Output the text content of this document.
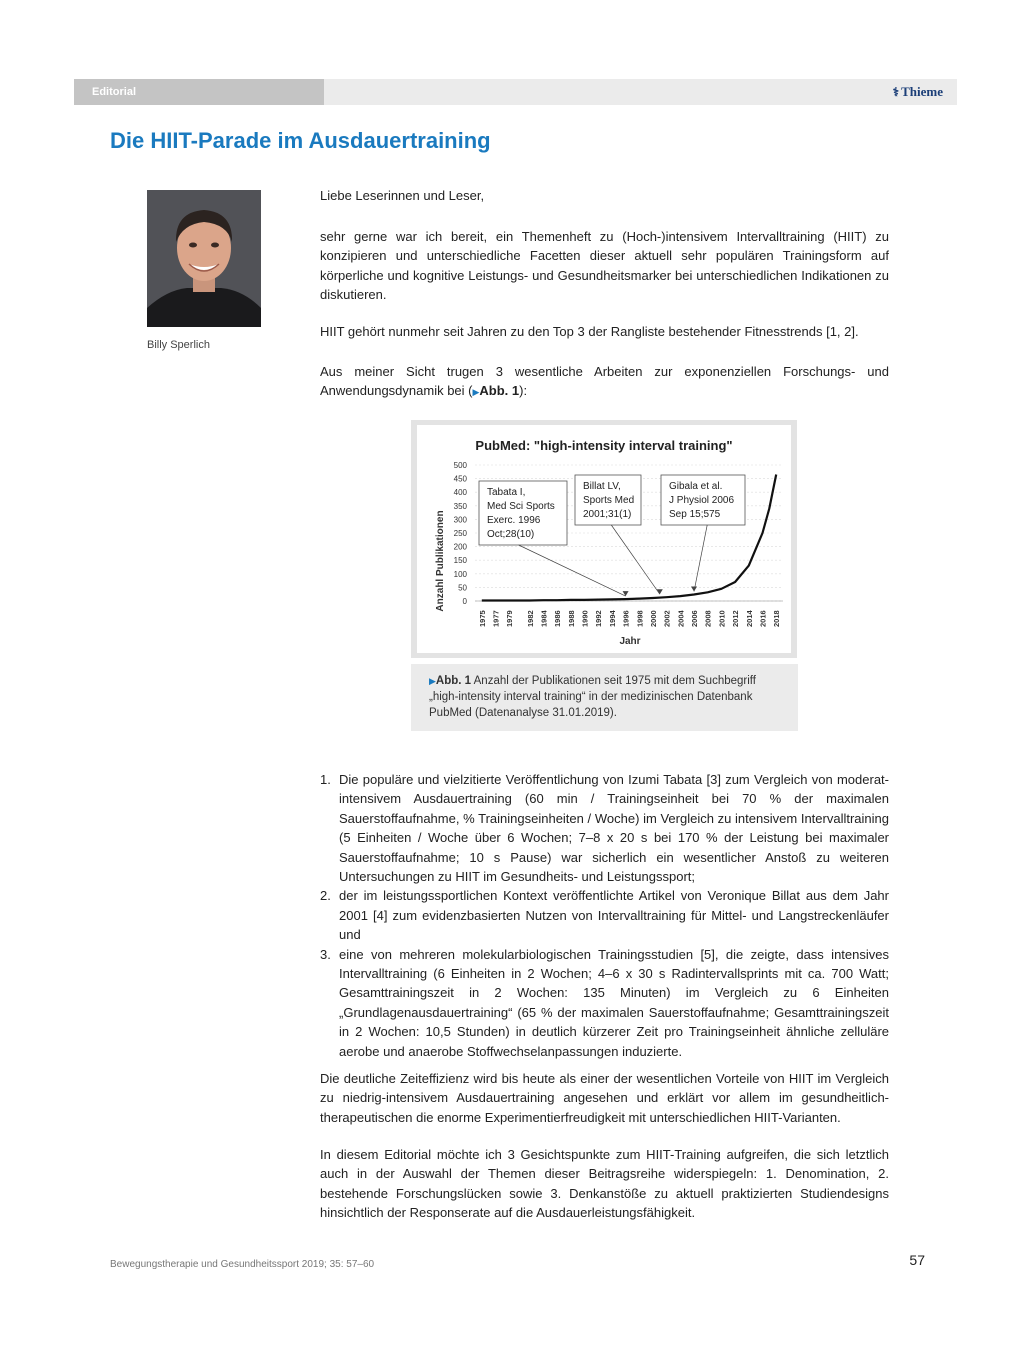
Editorial	⚕ Thieme
Die HIIT-Parade im Ausdauertraining
Billy Sperlich

Liebe Leserinnen und Leser,

sehr gerne war ich bereit, ein Themenheft zu (Hoch-)intensivem Intervalltraining (HIIT) zu konzipieren und unterschiedliche Facetten dieser aktuell sehr populären Trainingsform auf körperliche und kognitive Leistungs- und Gesundheitsmarker bei unterschiedlichen Indikationen zu diskutieren.

HIIT gehört nunmehr seit Jahren zu den Top 3 der Rangliste bestehender Fitnesstrends [1, 2].

Aus meiner Sicht trugen 3 wesentliche Arbeiten zur exponenziellen Forschungs- und Anwendungsdynamik bei (▶Abb. 1):

PubMed: "high-intensity interval training"
Anzahl Publikationen
Jahr
0
50
100
150
200
250
300
350
400
450
500
1975 1977 1979 1982 1984 1986 1988 1990 1992 1994 1996 1998 2000 2002 2004 2006 2008 2010 2012 2014 2016 2018
Tabata I,
Med Sci Sports
Exerc. 1996
Oct;28(10)
Billat LV,
Sports Med
2001;31(1)
Gibala et al.
J Physiol 2006
Sep 15;575
▶Abb. 1 Anzahl der Publikationen seit 1975 mit dem Suchbegriff „high-intensity interval training“ in der medizinischen Datenbank PubMed (Datenanalyse 31.01.2019).
1. Die populäre und vielzitierte Veröffentlichung von Izumi Tabata [3] zum Vergleich von moderat-intensivem Ausdauertraining (60 min / Trainingseinheit bei 70 % der maximalen Sauerstoffaufnahme, % Trainingseinheiten / Woche) im Vergleich zu intensivem Intervalltraining (5 Einheiten / Woche über 6 Wochen; 7–8 x 20 s bei 170 % der Leistung bei maximaler Sauerstoffaufnahme; 10 s Pause) war sicherlich ein wesentlicher Anstoß zu weiteren Untersuchungen zu HIIT im Gesundheits- und Leistungssport;
2. der im leistungssportlichen Kontext veröffentlichte Artikel von Veronique Billat aus dem Jahr 2001 [4] zum evidenzbasierten Nutzen von Intervalltraining für Mittel- und Langstreckenläufer und
3. eine von mehreren molekularbiologischen Trainingsstudien [5], die zeigte, dass intensives Intervalltraining (6 Einheiten in 2 Wochen; 4–6 x 30 s Radintervallsprints mit ca. 700 Watt; Gesamttrainingszeit in 2 Wochen: 135 Minuten) im Vergleich zu 6 Einheiten „Grundlagenausdauertraining“ (65 % der maximalen Sauerstoffaufnahme; Gesamttrainingszeit in 2 Wochen: 10,5 Stunden) in deutlich kürzerer Zeit pro Trainingseinheit ähnliche zelluläre aerobe und anaerobe Stoffwechselanpassungen induzierte.

Die deutliche Zeiteffizienz wird bis heute als einer der wesentlichen Vorteile von HIIT im Vergleich zu niedrig-intensivem Ausdauertraining angesehen und erklärt vor allem im gesundheitlich-therapeutischen die enorme Experimentierfreudigkeit mit unterschiedlichen HIIT-Varianten.

In diesem Editorial möchte ich 3 Gesichtspunkte zum HIIT-Training aufgreifen, die sich letztlich auch in der Auswahl der Themen dieser Beitragsreihe widerspiegeln: 1. Denomination, 2. bestehende Forschungslücken sowie 3. Denkanstöße zu aktuell praktizierten Studiendesigns hinsichtlich der Responserate auf die Ausdauerleistungsfähigkeit.

Bewegungstherapie und Gesundheitssport 2019; 35: 57–60	57
